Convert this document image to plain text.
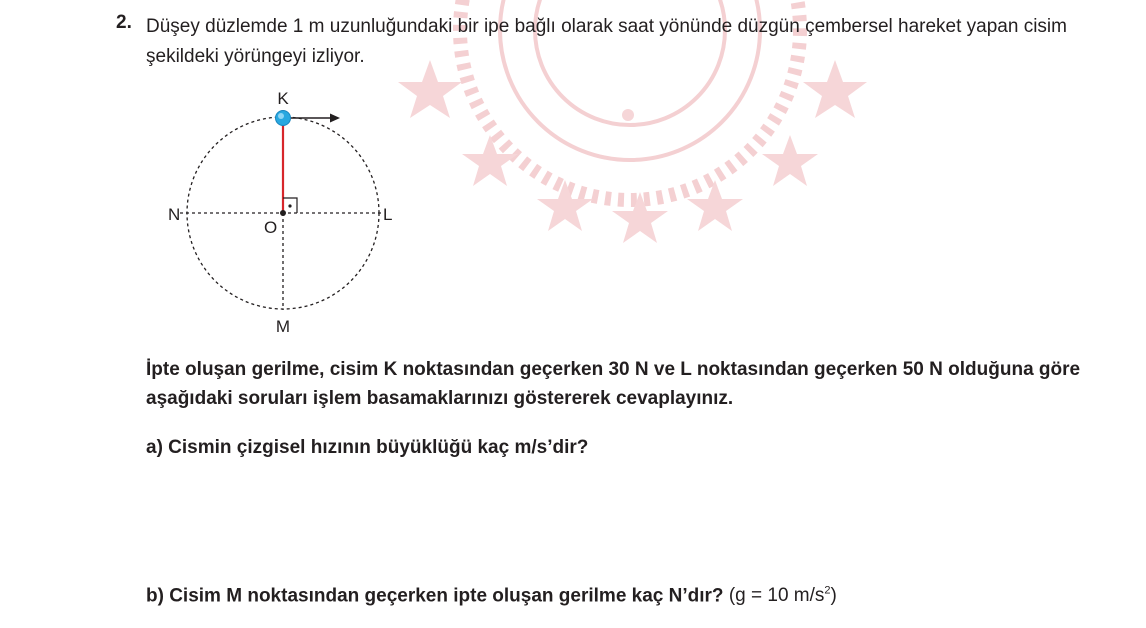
2. Düşey düzlemde 1 m uzunluğundaki bir ipe bağlı olarak saat yönünde düzgün çembersel hareket yapan cisim şekildeki yörüngeyi izliyor.
K
L
M
N
O
İpte oluşan gerilme, cisim K noktasından geçerken 30 N ve L noktasından geçerken 50 N olduğuna göre aşağıdaki soruları işlem basamaklarınızı göstererek cevaplayınız.
a) Cismin çizgisel hızının büyüklüğü kaç m/s’dir?
b) Cisim M noktasından geçerken ipte oluşan gerilme kaç N’dır? (g = 10 $m/s^2$)
